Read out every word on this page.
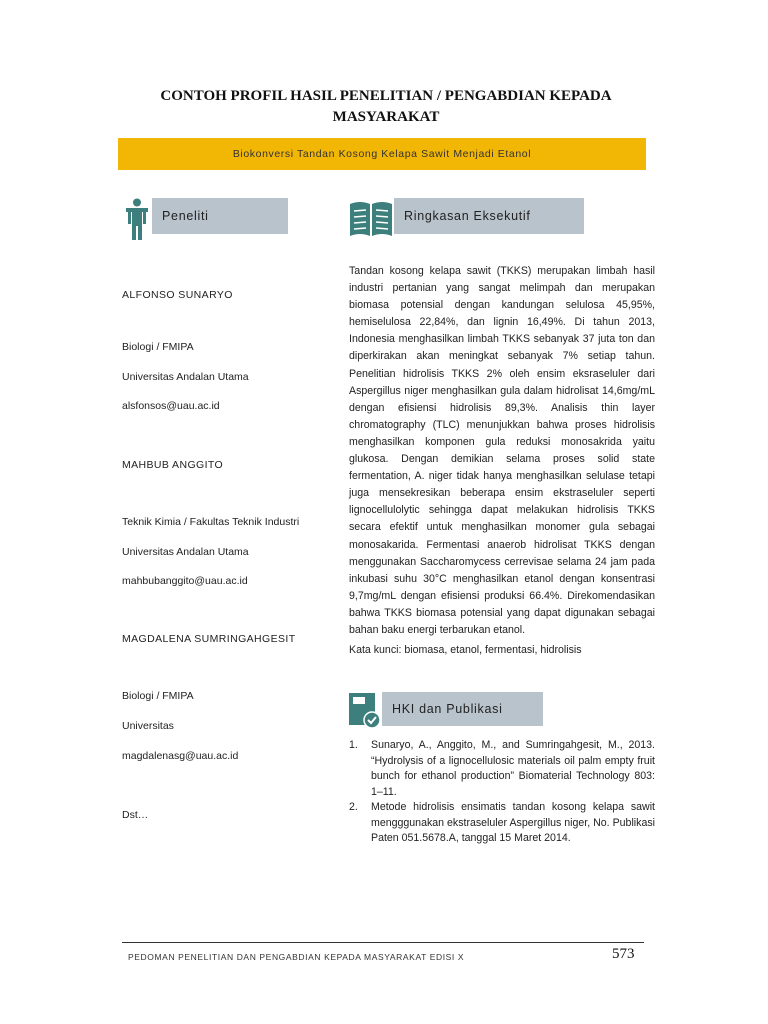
CONTOH PROFIL HASIL PENELITIAN / PENGABDIAN KEPADA
MASYARAKAT
Biokonversi Tandan Kosong Kelapa Sawit Menjadi Etanol
Peneliti
ALFONSO SUNARYO
Biologi / FMIPA
Universitas Andalan Utama
alsfonsos@uau.ac.id
MAHBUB ANGGITO
Teknik Kimia / Fakultas Teknik Industri
Universitas Andalan Utama
mahbubanggito@uau.ac.id
MAGDALENA SUMRINGAHGESIT
Biologi / FMIPA
Universitas
magdalenasg@uau.ac.id
Dst…
Ringkasan Eksekutif
Tandan kosong kelapa sawit (TKKS) merupakan limbah hasil industri pertanian yang sangat melimpah dan merupakan biomasa potensial dengan kandungan selulosa 45,95%, hemiselulosa 22,84%, dan lignin 16,49%. Di tahun 2013, Indonesia menghasilkan limbah TKKS sebanyak 37 juta ton dan diperkirakan akan meningkat sebanyak 7% setiap tahun. Penelitian hidrolisis TKKS 2% oleh ensim eksraseluler dari Aspergillus niger menghasilkan gula dalam hidrolisat 14,6mg/mL dengan efisiensi hidrolisis 89,3%. Analisis thin layer chromatography (TLC) menunjukkan bahwa proses hidrolisis menghasilkan komponen gula reduksi monosakrida yaitu glukosa. Dengan demikian selama proses solid state fermentation, A. niger tidak hanya menghasilkan selulase tetapi juga mensekresikan beberapa ensim ekstraseluler seperti lignocellulolytic sehingga dapat melakukan hidrolisis TKKS secara efektif untuk menghasilkan monomer gula sebagai monosakarida. Fermentasi anaerob hidrolisat TKKS dengan menggunakan Saccharomycess cerrevisae selama 24 jam pada inkubasi suhu 30°C menghasilkan etanol dengan konsentrasi 9,7mg/mL dengan efisiensi produksi 66.4%. Direkomendasikan bahwa TKKS biomasa potensial yang dapat digunakan sebagai bahan baku energi terbarukan etanol.
Kata kunci: biomasa, etanol, fermentasi, hidrolisis
HKI dan Publikasi
1. Sunaryo, A., Anggito, M., and Sumringahgesit, M., 2013. “Hydrolysis of a lignocellulosic materials oil palm empty fruit bunch for ethanol production” Biomaterial Technology 803: 1–11.
2. Metode hidrolisis ensimatis tandan kosong kelapa sawit mengggunakan ekstraseluler Aspergillus niger, No. Publikasi Paten 051.5678.A, tanggal 15 Maret 2014.
PEDOMAN PENELITIAN DAN PENGABDIAN KEPADA MASYARAKAT EDISI X	573
